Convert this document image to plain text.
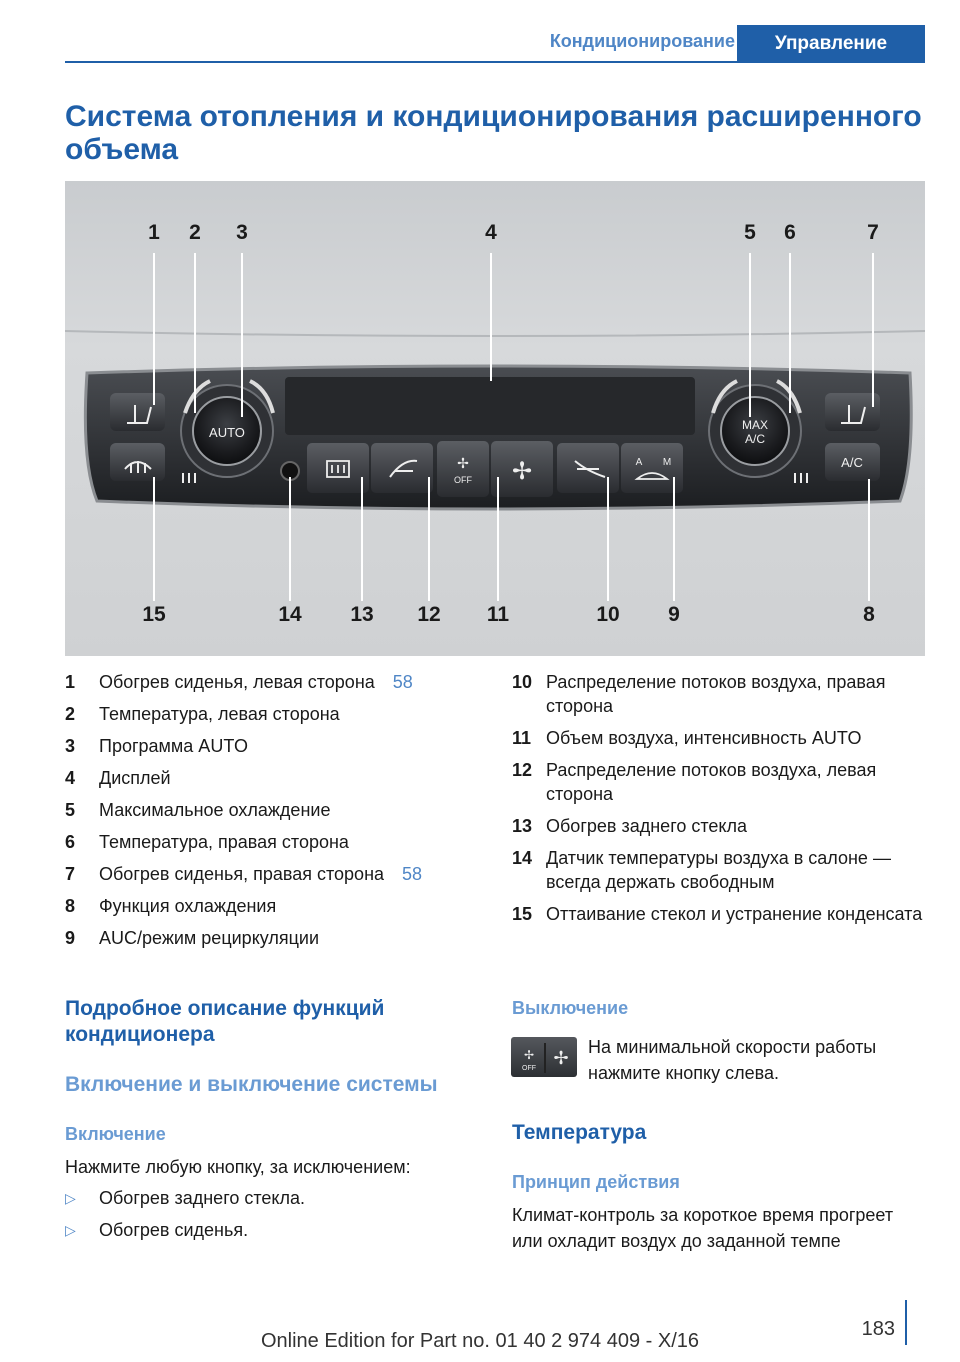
Кондиционирование	Управление
Система отопления и кондиционирования расширенного объема
AUTO
✢
OFF ✢	A M
MAX
A/C
A/C
1 2 3	4	5 6	7
8
9
10
11
12
13
14
15
1	Обогрев сиденья, левая сторона 58
2	Температура, левая сторона
3	Программа AUTO
4	Дисплей
5	Максимальное охлаждение
6	Температура, правая сторона
7	Обогрев сиденья, правая сторона 58
8	Функция охлаждения
9	AUC/режим рециркуляции
10 Распределение потоков воздуха, правая сторона
11 Объем воздуха, интенсивность AUTO
12 Распределение потоков воздуха, левая сторона
13 Обогрев заднего стекла
14 Датчик температуры воздуха в салоне — всегда держать свободным
15 Оттаивание стекол и устранение конденсата
Подробное описание функций кондиционера
Включение и выключение системы
Включение
Нажмите любую кнопку, за исключением:
▷	Обогрев заднего стекла.
▷	Обогрев сиденья.
Выключение
✢
OFF
✢
На минимальной скорости работы нажмите кнопку слева.
Температура
Принцип действия
Климат-контроль за короткое время прогреет или охладит воздух до заданной темпе
183
Online Edition for Part no. 01 40 2 974 409 - X/16
